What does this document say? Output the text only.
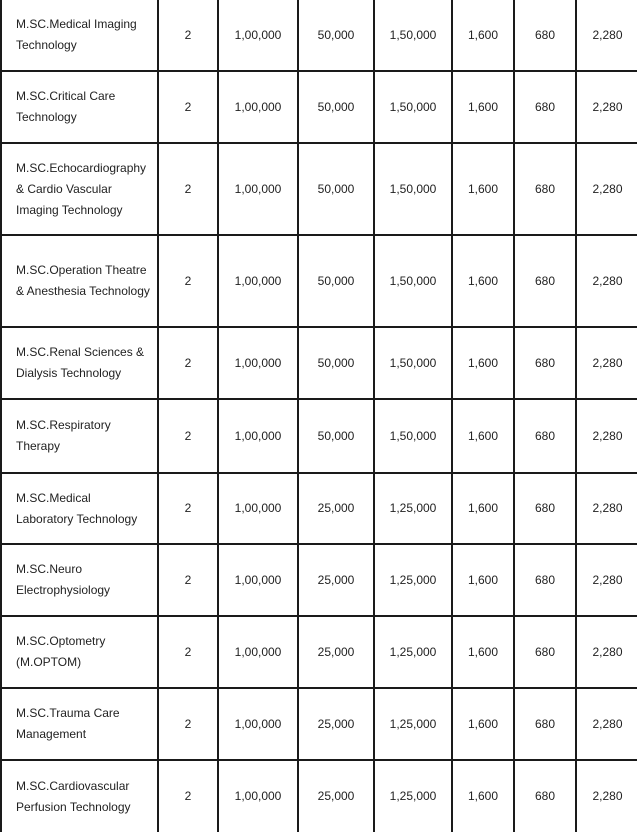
M.SC.Medical Imaging Technology	2	1,00,000	50,000	1,50,000	1,600	680	2,280
M.SC.Critical Care Technology	2	1,00,000	50,000	1,50,000	1,600	680	2,280
M.SC.Echocardiography & Cardio Vascular Imaging Technology	2	1,00,000	50,000	1,50,000	1,600	680	2,280
M.SC.Operation Theatre & Anesthesia Technology	2	1,00,000	50,000	1,50,000	1,600	680	2,280
M.SC.Renal Sciences & Dialysis Technology	2	1,00,000	50,000	1,50,000	1,600	680	2,280
M.SC.Respiratory Therapy	2	1,00,000	50,000	1,50,000	1,600	680	2,280
M.SC.Medical Laboratory Technology	2	1,00,000	25,000	1,25,000	1,600	680	2,280
M.SC.Neuro Electrophysiology	2	1,00,000	25,000	1,25,000	1,600	680	2,280
M.SC.Optometry (M.OPTOM)	2	1,00,000	25,000	1,25,000	1,600	680	2,280
M.SC.Trauma Care Management	2	1,00,000	25,000	1,25,000	1,600	680	2,280
M.SC.Cardiovascular Perfusion Technology	2	1,00,000	25,000	1,25,000	1,600	680	2,280
